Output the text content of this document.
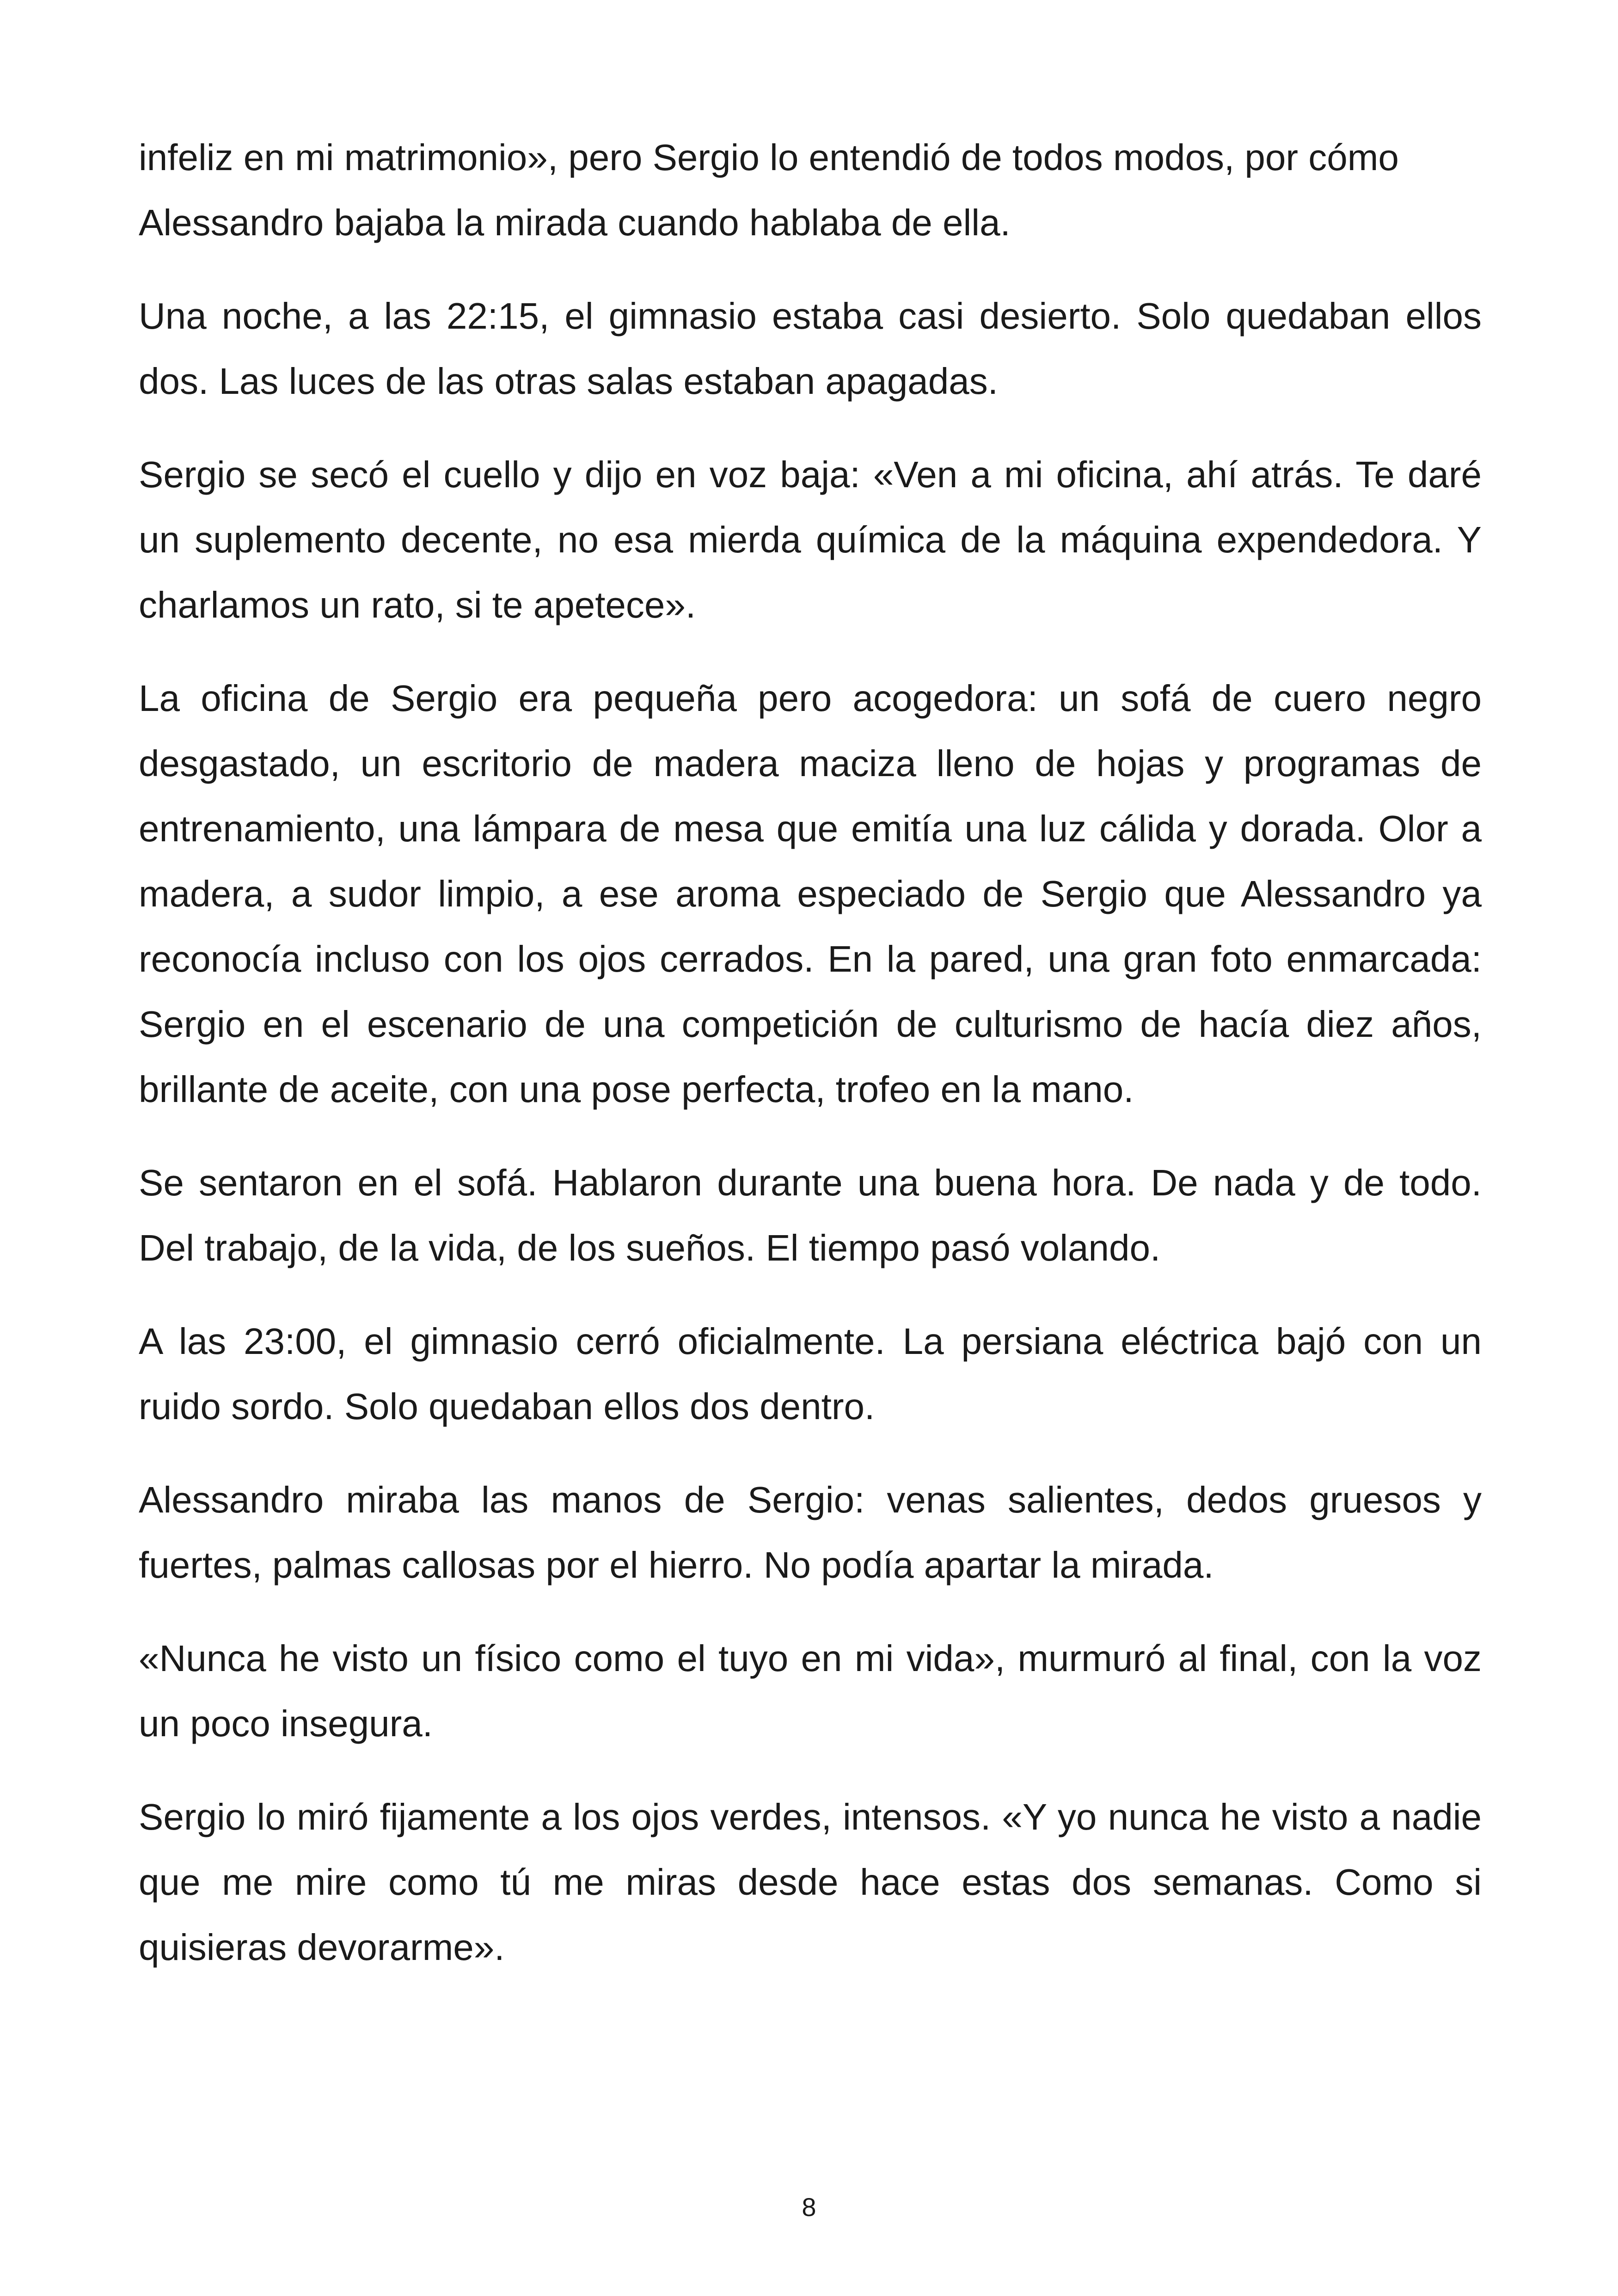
infeliz en mi matrimonio», pero Sergio lo entendió de todos modos, por cómo Alessandro bajaba la mirada cuando hablaba de ella.

Una noche, a las 22:15, el gimnasio estaba casi desierto. Solo quedaban ellos dos. Las luces de las otras salas estaban apagadas.

Sergio se secó el cuello y dijo en voz baja: «Ven a mi oficina, ahí atrás. Te daré un suplemento decente, no esa mierda química de la máquina expendedora. Y charlamos un rato, si te apetece».

La oficina de Sergio era pequeña pero acogedora: un sofá de cuero negro desgastado, un escritorio de madera maciza lleno de hojas y programas de entrenamiento, una lámpara de mesa que emitía una luz cálida y dorada. Olor a madera, a sudor limpio, a ese aroma especiado de Sergio que Alessandro ya reconocía incluso con los ojos cerrados. En la pared, una gran foto enmarcada: Sergio en el escenario de una competición de culturismo de hacía diez años, brillante de aceite, con una pose perfecta, trofeo en la mano.

Se sentaron en el sofá. Hablaron durante una buena hora. De nada y de todo. Del trabajo, de la vida, de los sueños. El tiempo pasó volando.

A las 23:00, el gimnasio cerró oficialmente. La persiana eléctrica bajó con un ruido sordo. Solo quedaban ellos dos dentro.

Alessandro miraba las manos de Sergio: venas salientes, dedos gruesos y fuertes, palmas callosas por el hierro. No podía apartar la mirada.

«Nunca he visto un físico como el tuyo en mi vida», murmuró al final, con la voz un poco insegura.

Sergio lo miró fijamente a los ojos verdes, intensos. «Y yo nunca he visto a nadie que me mire como tú me miras desde hace estas dos semanas. Como si quisieras devorarme».

8
